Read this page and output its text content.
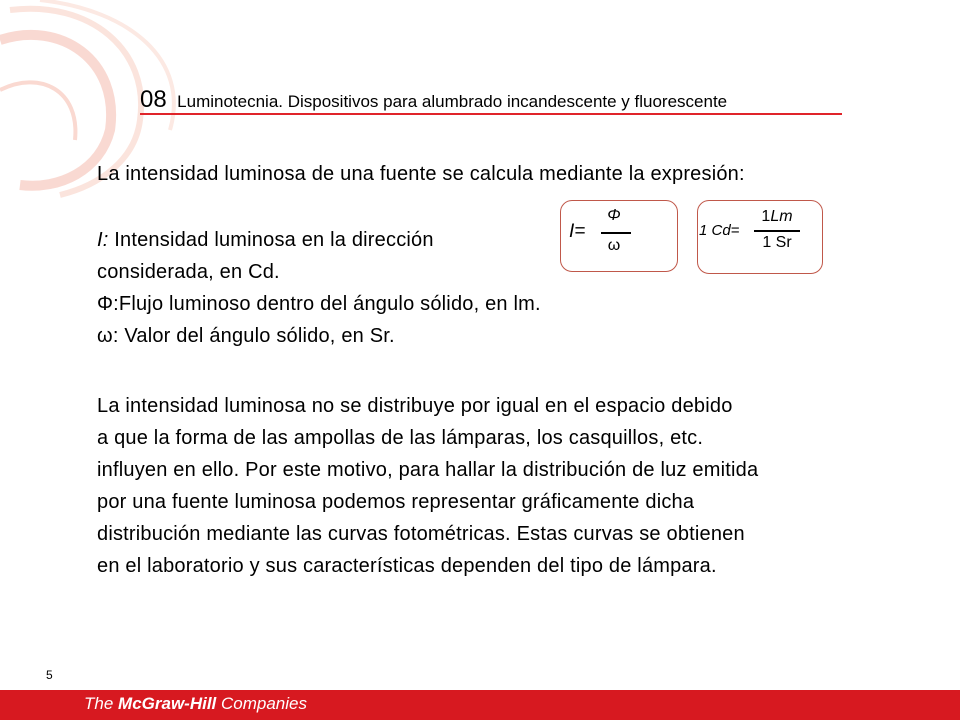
08 Luminotecnia. Dispositivos para alumbrado incandescente y fluorescente
La intensidad luminosa de una fuente se calcula mediante la expresión:
I: Intensidad luminosa en la dirección
considerada, en Cd.
Φ:Flujo luminoso dentro del ángulo sólido, en lm.
ω: Valor del ángulo sólido, en Sr.
La intensidad luminosa no se distribuye por igual en el espacio debido
a que la forma de las ampollas de las lámparas, los casquillos, etc.
influyen en ello. Por este motivo, para hallar la distribución de luz emitida
por una fuente luminosa podemos representar gráficamente dicha
distribución mediante las curvas fotométricas. Estas curvas se obtienen
en el laboratorio y sus características dependen del tipo de lámpara.
I=
Φ
ω
1 Cd=
1Lm
1 Sr
5
The McGraw-Hill Companies
